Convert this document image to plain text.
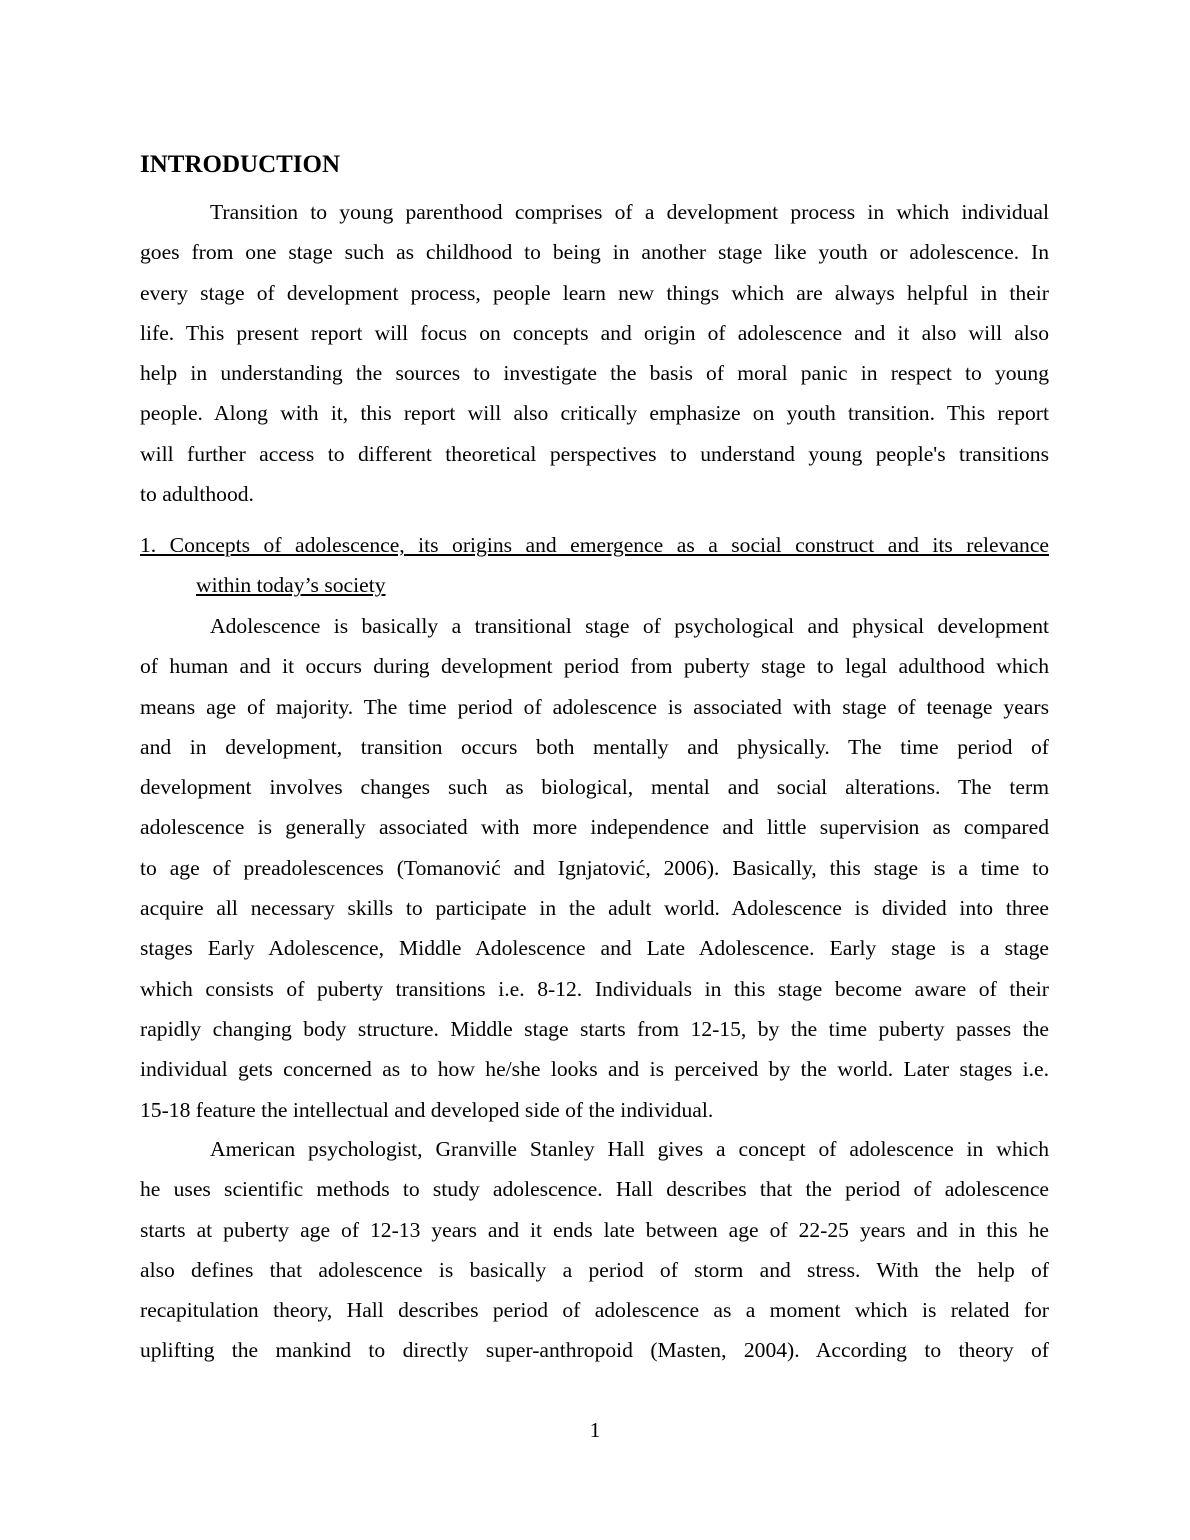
INTRODUCTION
Transition to young parenthood comprises of a development process in which individual
goes from one stage such as childhood to being in another stage like youth or adolescence. In
every stage of development process, people learn new things which are always helpful in their
life. This present report will focus on concepts and origin of adolescence and it also will also
help in understanding the sources to investigate the basis of moral panic in respect to young
people. Along with it, this report will also critically emphasize on youth transition. This report
will further access to different theoretical perspectives to understand young people's transitions
to adulthood.
1. Concepts of adolescence, its origins and emergence as a social construct and its relevance
within today’s society
Adolescence is basically a transitional stage of psychological and physical development
of human and it occurs during development period from puberty stage to legal adulthood which
means age of majority. The time period of adolescence is associated with stage of teenage years
and in development, transition occurs both mentally and physically. The time period of
development involves changes such as biological, mental and social alterations. The term
adolescence is generally associated with more independence and little supervision as compared
to age of preadolescences (Tomanović and Ignjatović, 2006). Basically, this stage is a time to
acquire all necessary skills to participate in the adult world. Adolescence is divided into three
stages Early Adolescence, Middle Adolescence and Late Adolescence. Early stage is a stage
which consists of puberty transitions i.e. 8-12. Individuals in this stage become aware of their
rapidly changing body structure. Middle stage starts from 12-15, by the time puberty passes the
individual gets concerned as to how he/she looks and is perceived by the world. Later stages i.e.
15-18 feature the intellectual and developed side of the individual.
American psychologist, Granville Stanley Hall gives a concept of adolescence in which
he uses scientific methods to study adolescence. Hall describes that the period of adolescence
starts at puberty age of 12-13 years and it ends late between age of 22-25 years and in this he
also defines that adolescence is basically a period of storm and stress. With the help of
recapitulation theory, Hall describes period of adolescence as a moment which is related for
uplifting the mankind to directly super-anthropoid (Masten, 2004). According to theory of
1
